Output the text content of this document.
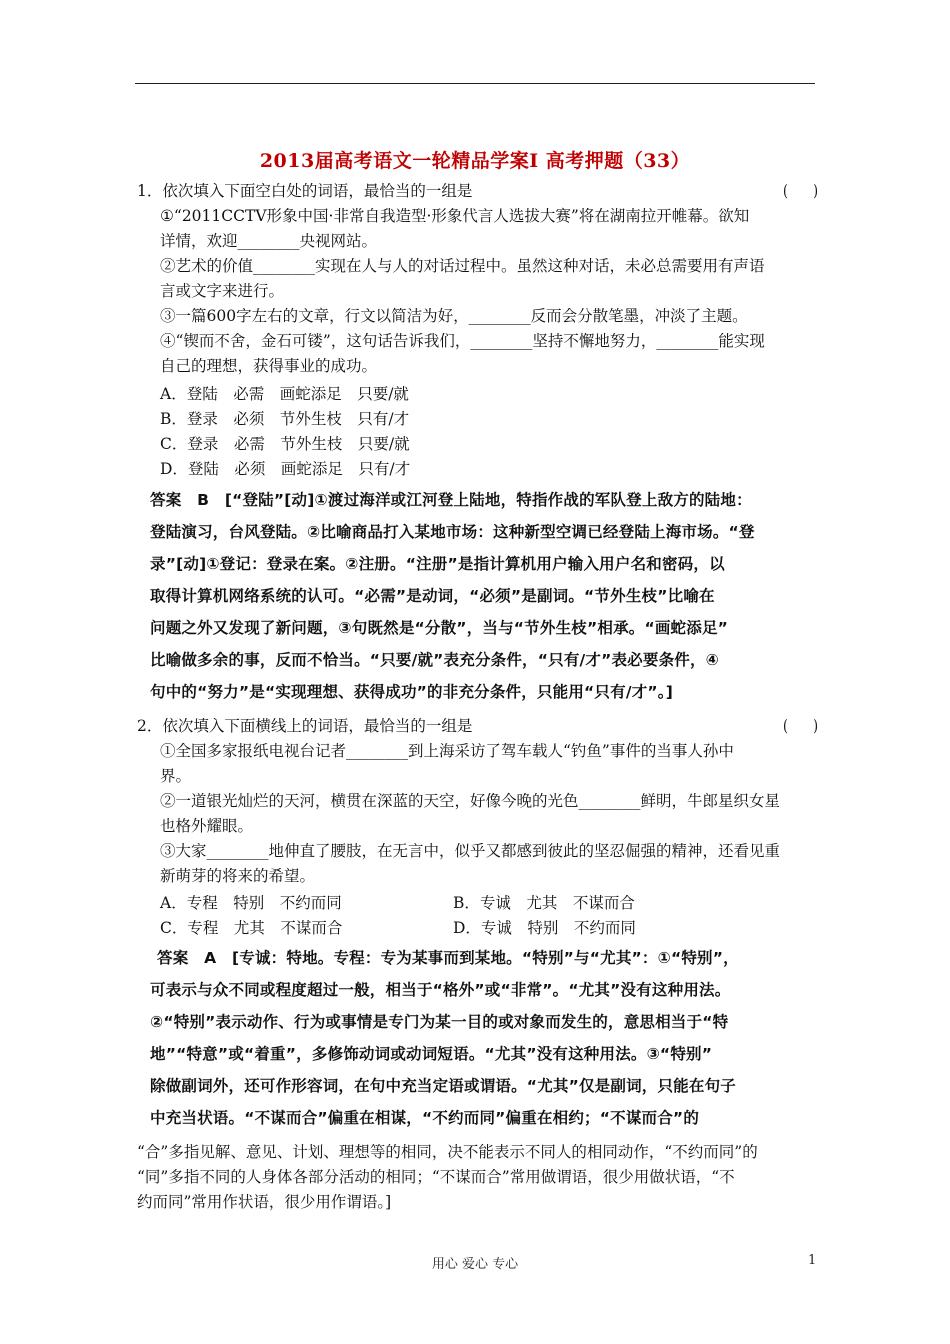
2013届高考语文一轮精品学案Ⅰ 高考押题（33）
1．依次填入下面空白处的词语，最恰当的一组是	(　　)
①“2011CCTV形象中国·非常自我造型·形象代言人选拔大赛”将在湖南拉开帷幕。欲知
详情，欢迎________央视网站。
②艺术的价值________实现在人与人的对话过程中。虽然这种对话，未必总需要用有声语
言或文字来进行。
③一篇600字左右的文章，行文以简洁为好，________反而会分散笔墨，冲淡了主题。
④“锲而不舍，金石可镂”，这句话告诉我们，________坚持不懈地努力，________能实现
自己的理想，获得事业的成功。
A．登陆　必需　画蛇添足　只要/就
B．登录　必须　节外生枝　只有/才
C．登录　必需　节外生枝　只要/就
D．登陆　必须　画蛇添足　只有/才
答案　B　[“登陆”[动]①渡过海洋或江河登上陆地，特指作战的军队登上敌方的陆地：
登陆演习，台风登陆。②比喻商品打入某地市场：这种新型空调已经登陆上海市场。“登
录”[动]①登记：登录在案。②注册。“注册”是指计算机用户输入用户名和密码，以
取得计算机网络系统的认可。“必需”是动词，“必须”是副词。“节外生枝”比喻在
问题之外又发现了新问题，③句既然是“分散”，当与“节外生枝”相承。“画蛇添足”
比喻做多余的事，反而不恰当。“只要/就”表充分条件，“只有/才”表必要条件，④
句中的“努力”是“实现理想、获得成功”的非充分条件，只能用“只有/才”。]
2．依次填入下面横线上的词语，最恰当的一组是	(　　)
①全国多家报纸电视台记者________到上海采访了驾车载人“钓鱼”事件的当事人孙中
界。
②一道银光灿烂的天河，横贯在深蓝的天空，好像今晚的光色________鲜明，牛郎星织女星
也格外耀眼。
③大家________地伸直了腰肢，在无言中，似乎又都感到彼此的坚忍倔强的精神，还看见重
新萌芽的将来的希望。
A．专程　特别　不约而同	B．专诚　尤其　不谋而合
C．专程　尤其　不谋而合	D．专诚　特别　不约而同
答案　A　[专诚：特地。专程：专为某事而到某地。“特别”与“尤其”：①“特别”，
可表示与众不同或程度超过一般，相当于“格外”或“非常”。“尤其”没有这种用法。
②“特别”表示动作、行为或事情是专门为某一目的或对象而发生的，意思相当于“特
地”“特意”或“着重”，多修饰动词或动词短语。“尤其”没有这种用法。③“特别”
除做副词外，还可作形容词，在句中充当定语或谓语。“尤其”仅是副词，只能在句子
中充当状语。“不谋而合”偏重在相谋，“不约而同”偏重在相约；“不谋而合”的
“合”多指见解、意见、计划、理想等的相同，决不能表示不同人的相同动作，“不约而同”的
“同”多指不同的人身体各部分活动的相同；“不谋而合”常用做谓语，很少用做状语，“不
约而同”常用作状语，很少用作谓语。]
用心 爱心 专心	1
